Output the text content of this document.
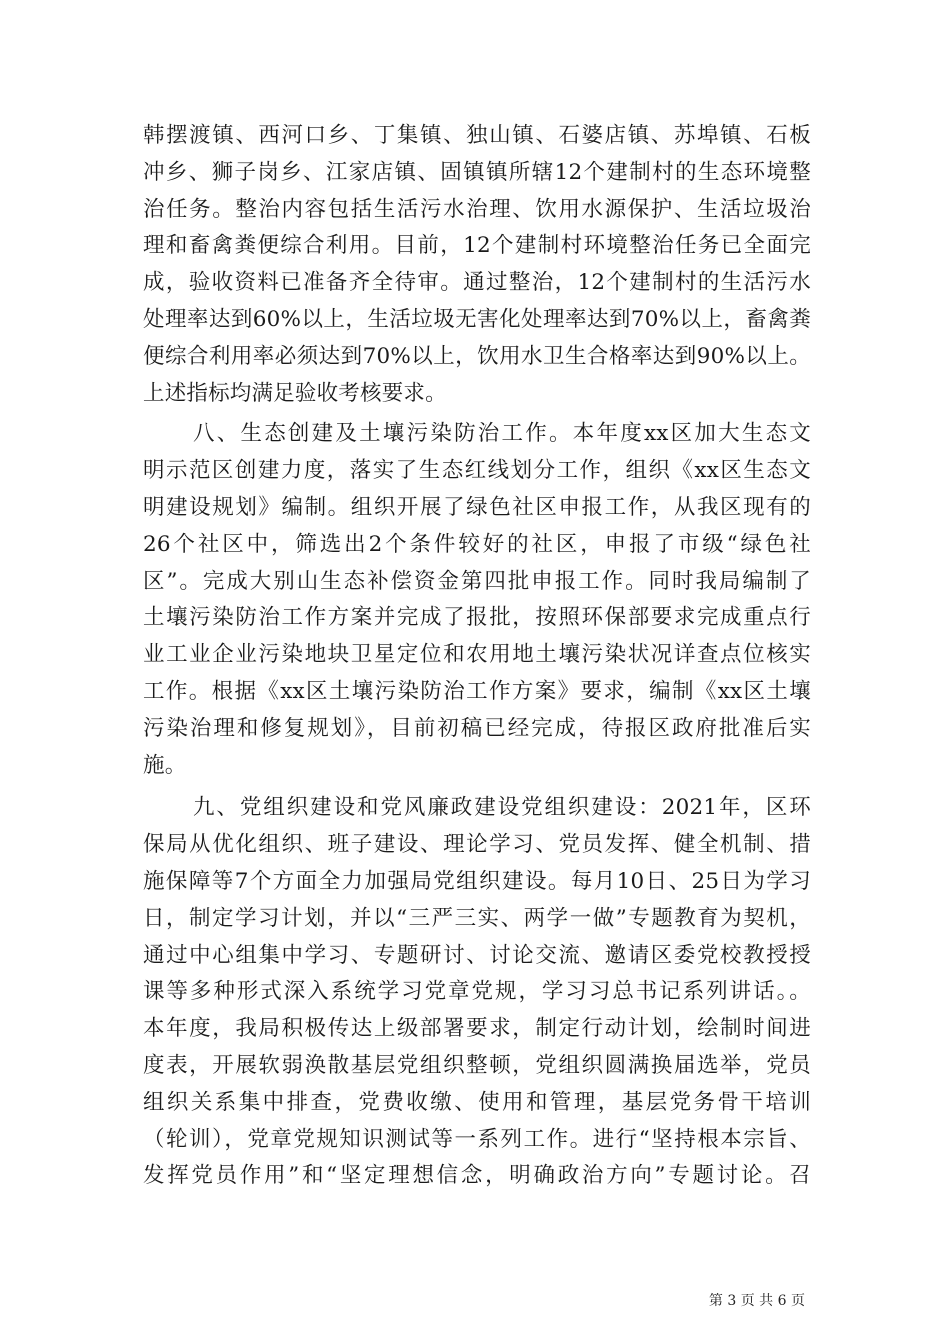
韩摆渡镇、西河口乡、丁集镇、独山镇、石婆店镇、苏埠镇、石板
冲乡、狮子岗乡、江家店镇、固镇镇所辖12个建制村的生态环境整
治任务。整治内容包括生活污水治理、饮用水源保护、生活垃圾治
理和畜禽粪便综合利用。目前，12个建制村环境整治任务已全面完
成，验收资料已准备齐全待审。通过整治，12个建制村的生活污水
处理率达到60%以上，生活垃圾无害化处理率达到70%以上，畜禽粪
便综合利用率必须达到70%以上，饮用水卫生合格率达到90%以上。
上述指标均满足验收考核要求。
八、生态创建及土壤污染防治工作。本年度xx区加大生态文
明示范区创建力度，落实了生态红线划分工作，组织《xx区生态文
明建设规划》编制。组织开展了绿色社区申报工作，从我区现有的
26个社区中，筛选出2个条件较好的社区，申报了市级“绿色社
区”。完成大别山生态补偿资金第四批申报工作。同时我局编制了
土壤污染防治工作方案并完成了报批，按照环保部要求完成重点行
业工业企业污染地块卫星定位和农用地土壤污染状况详查点位核实
工作。根据《xx区土壤污染防治工作方案》要求，编制《xx区土壤
污染治理和修复规划》，目前初稿已经完成，待报区政府批准后实
施。
九、党组织建设和党风廉政建设党组织建设：2021年，区环
保局从优化组织、班子建设、理论学习、党员发挥、健全机制、措
施保障等7个方面全力加强局党组织建设。每月10日、25日为学习
日，制定学习计划，并以“三严三实、两学一做”专题教育为契机，
通过中心组集中学习、专题研讨、讨论交流、邀请区委党校教授授
课等多种形式深入系统学习党章党规，学习习总书记系列讲话。。
本年度，我局积极传达上级部署要求，制定行动计划，绘制时间进
度表，开展软弱涣散基层党组织整顿，党组织圆满换届选举，党员
组织关系集中排查，党费收缴、使用和管理，基层党务骨干培训
（轮训），党章党规知识测试等一系列工作。进行“坚持根本宗旨、
发挥党员作用”和“坚定理想信念，明确政治方向”专题讨论。召
第 3 页 共 6 页
